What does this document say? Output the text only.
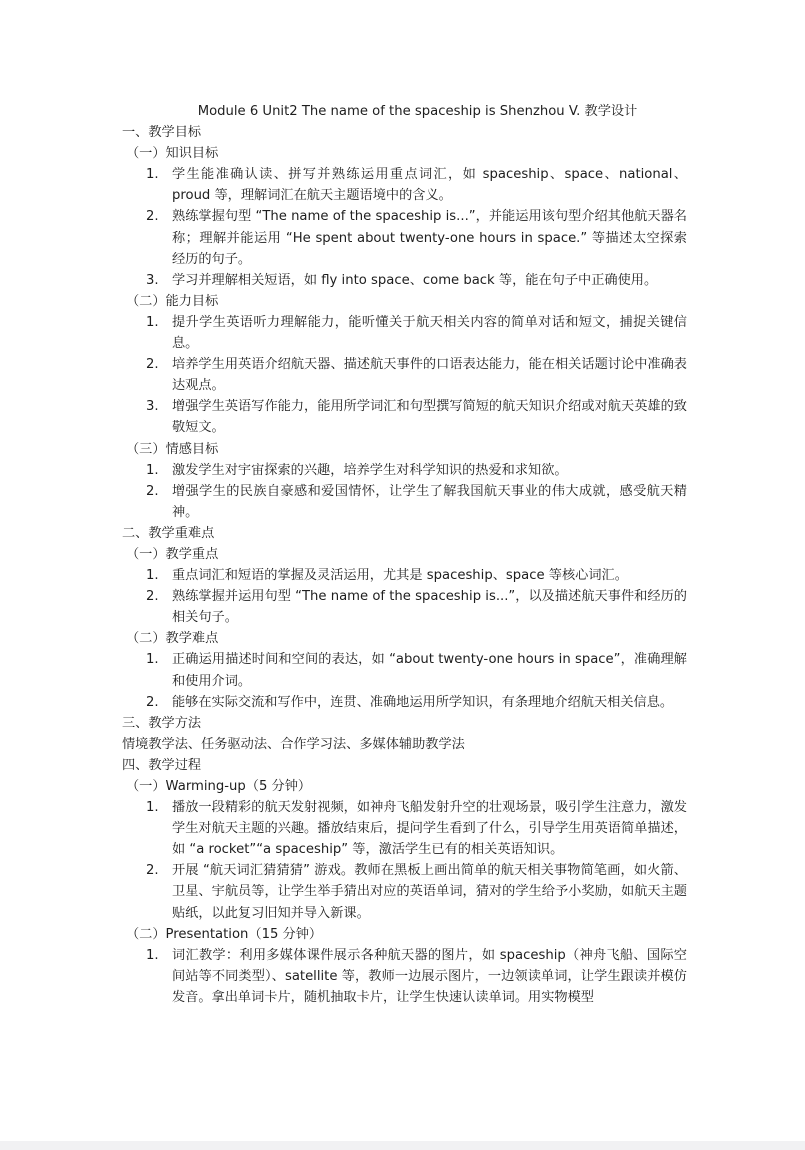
Module 6 Unit2 The name of the spaceship is Shenzhou V. 教学设计
一、教学目标
（一）知识目标
1. 学生能准确认读、拼写并熟练运用重点词汇，如 spaceship、space、national、proud 等，理解词汇在航天主题语境中的含义。
2. 熟练掌握句型 “The name of the spaceship is...”，并能运用该句型介绍其他航天器名称；理解并能运用 “He spent about twenty-one hours in space.” 等描述太空探索经历的句子。
3. 学习并理解相关短语，如 fly into space、come back 等，能在句子中正确使用。
（二）能力目标
1. 提升学生英语听力理解能力，能听懂关于航天相关内容的简单对话和短文，捕捉关键信息。
2. 培养学生用英语介绍航天器、描述航天事件的口语表达能力，能在相关话题讨论中准确表达观点。
3. 增强学生英语写作能力，能用所学词汇和句型撰写简短的航天知识介绍或对航天英雄的致敬短文。
（三）情感目标
1. 激发学生对宇宙探索的兴趣，培养学生对科学知识的热爱和求知欲。
2. 增强学生的民族自豪感和爱国情怀，让学生了解我国航天事业的伟大成就，感受航天精神。
二、教学重难点
（一）教学重点
1. 重点词汇和短语的掌握及灵活运用，尤其是 spaceship、space 等核心词汇。
2. 熟练掌握并运用句型 “The name of the spaceship is...”，以及描述航天事件和经历的相关句子。
（二）教学难点
1. 正确运用描述时间和空间的表达，如 “about twenty-one hours in space”，准确理解和使用介词。
2. 能够在实际交流和写作中，连贯、准确地运用所学知识，有条理地介绍航天相关信息。
三、教学方法
情境教学法、任务驱动法、合作学习法、多媒体辅助教学法
四、教学过程
（一）Warming-up（5 分钟）
1. 播放一段精彩的航天发射视频，如神舟飞船发射升空的壮观场景，吸引学生注意力，激发学生对航天主题的兴趣。播放结束后，提问学生看到了什么，引导学生用英语简单描述，如 “a rocket”“a spaceship” 等，激活学生已有的相关英语知识。
2. 开展 “航天词汇猜猜猜” 游戏。教师在黑板上画出简单的航天相关事物简笔画，如火箭、卫星、宇航员等，让学生举手猜出对应的英语单词，猜对的学生给予小奖励，如航天主题贴纸，以此复习旧知并导入新课。
（二）Presentation（15 分钟）
1. 词汇教学：利用多媒体课件展示各种航天器的图片，如 spaceship（神舟飞船、国际空间站等不同类型）、satellite 等，教师一边展示图片，一边领读单词，让学生跟读并模仿发音。拿出单词卡片，随机抽取卡片，让学生快速认读单词。用实物模型
